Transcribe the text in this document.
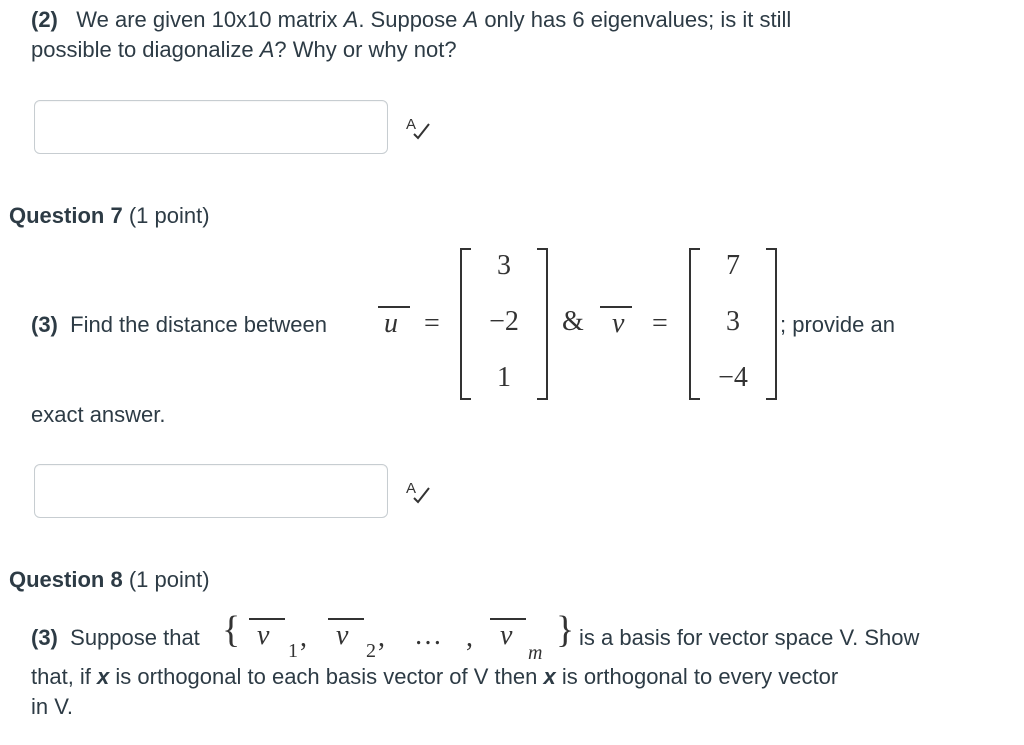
(2) We are given 10x10 matrix A. Suppose A only has 6 eigenvalues; is it still
possible to diagonalize A? Why or why not?
A
Question 7 (1 point)
(3) Find the distance between u =
3
−2
1
& v =
7
3
−4
; provide an
exact answer.
A
Question 8 (1 point)
(3) Suppose that { v 1 , v 2 , … , v
m
} is a basis for vector space V. Show
that, if x is orthogonal to each basis vector of V then x is orthogonal to every vector
in V.
